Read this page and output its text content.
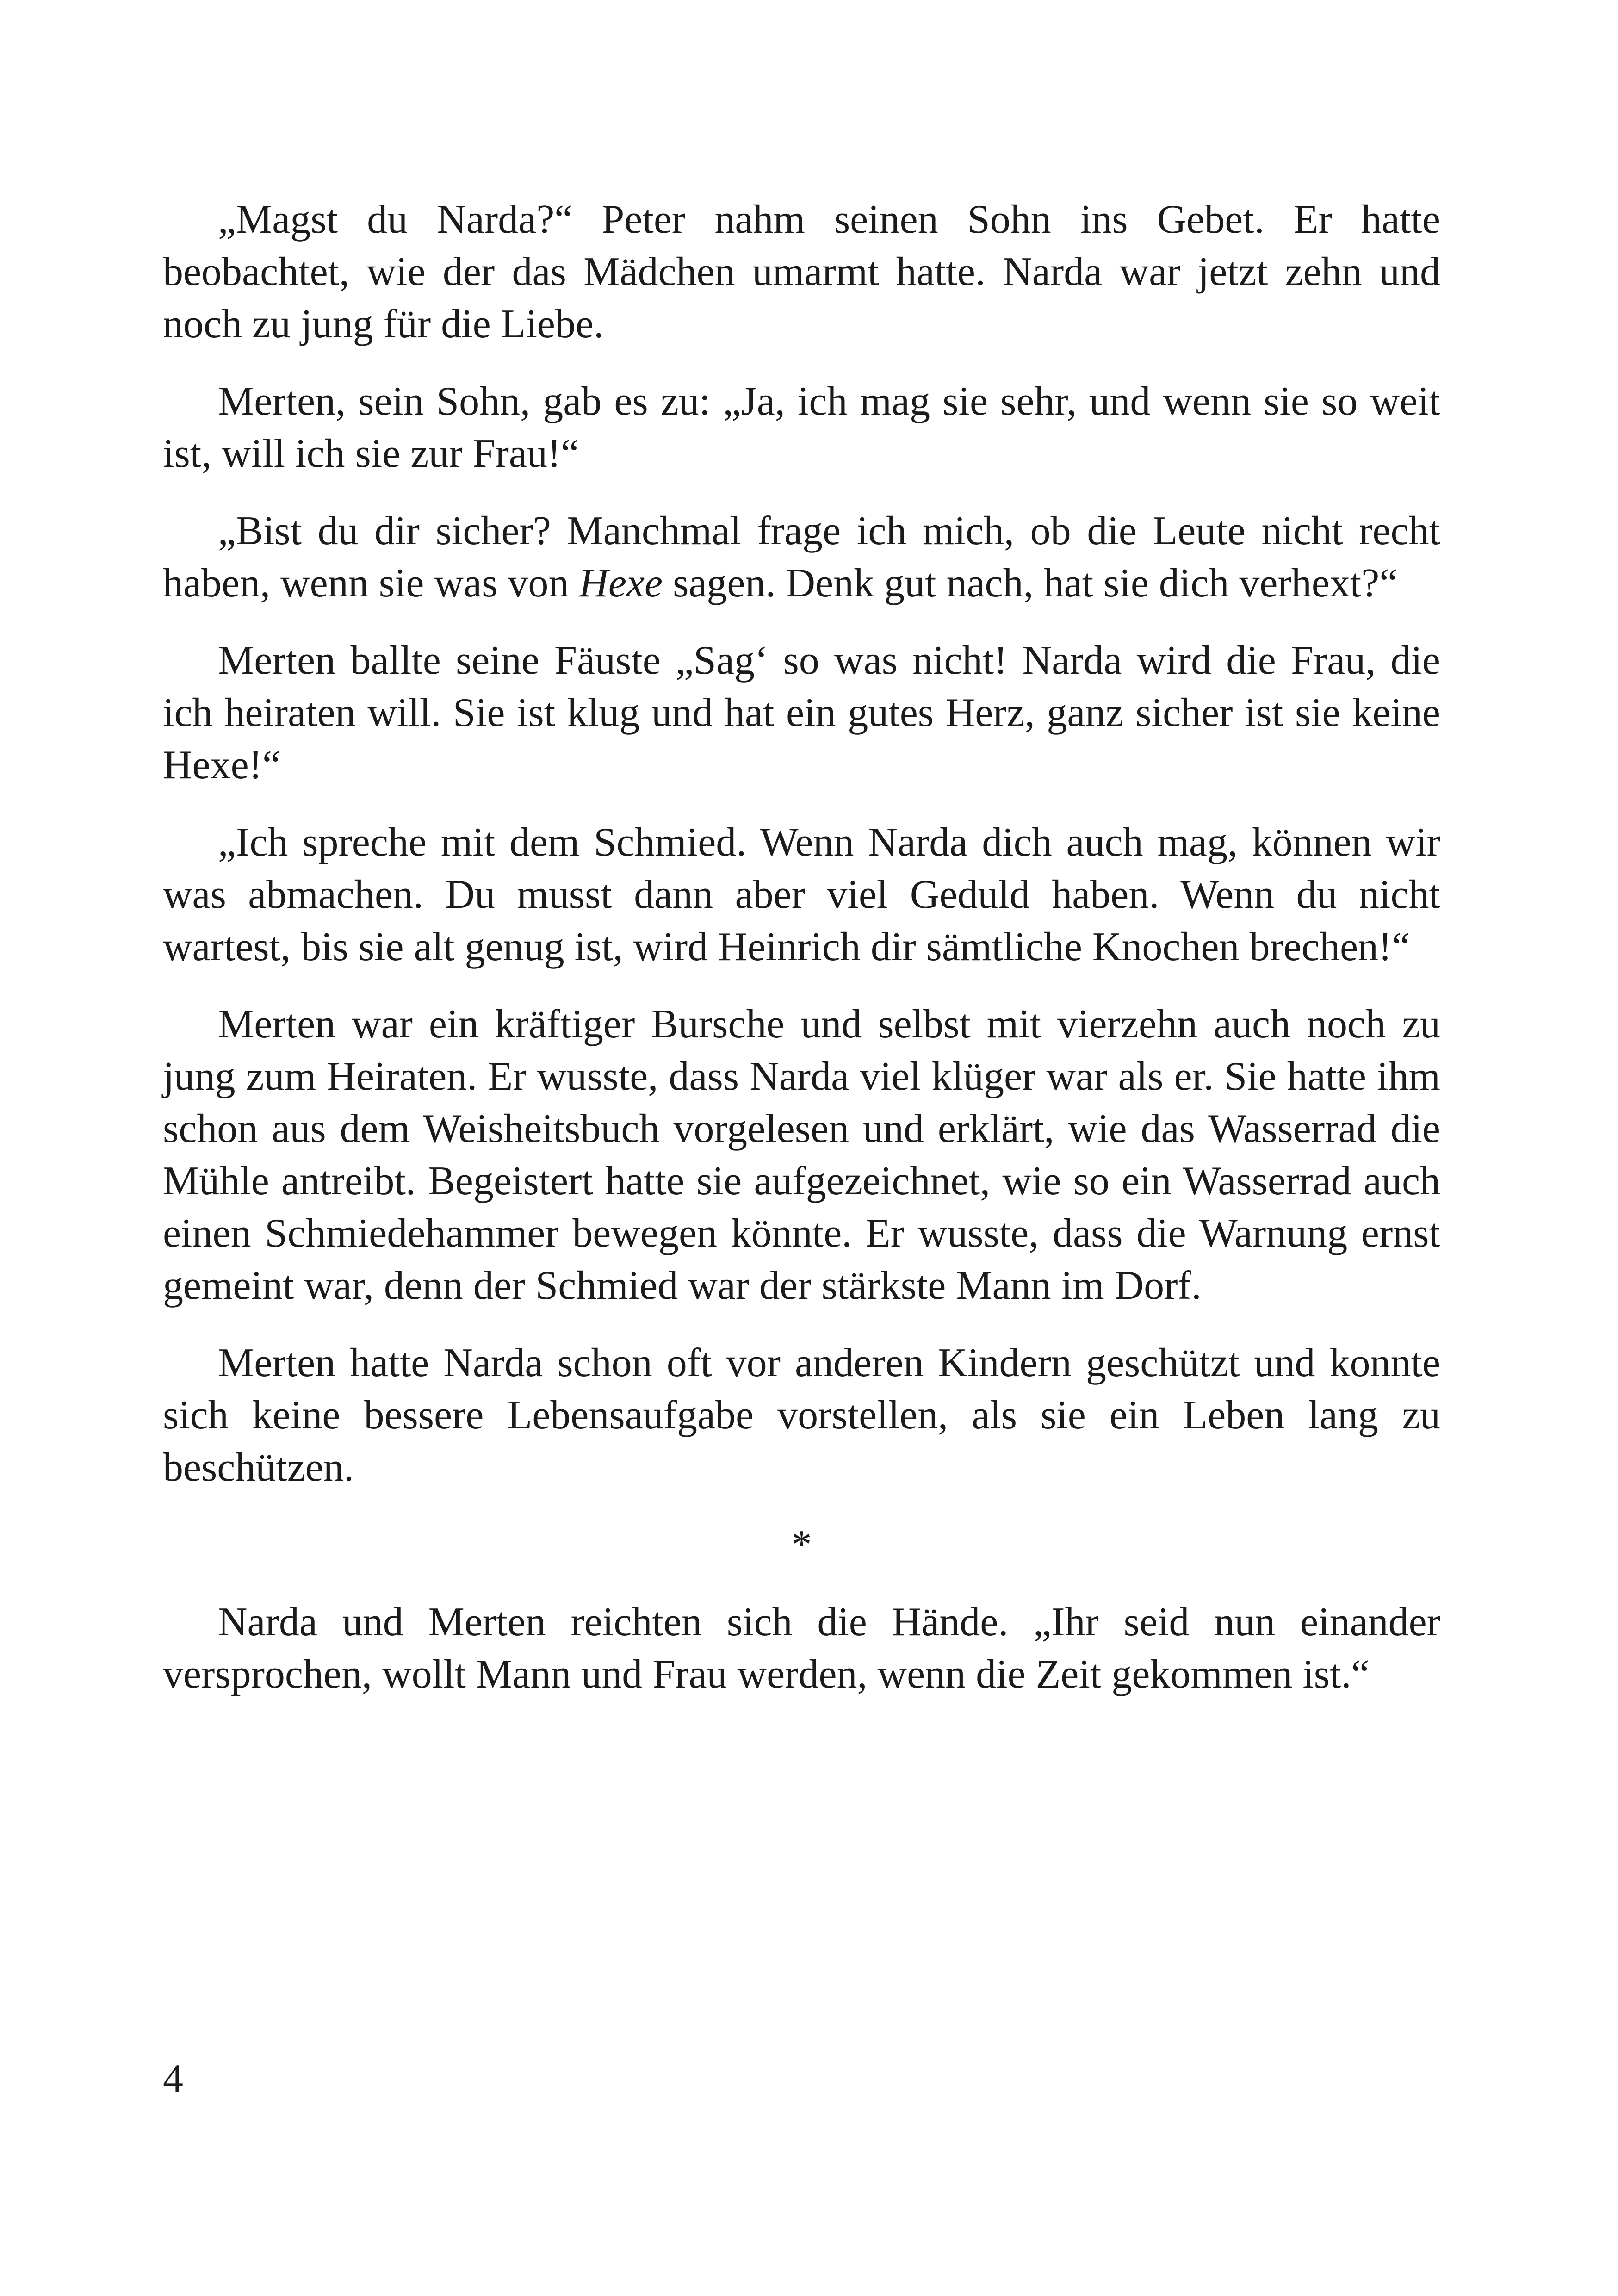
„Magst du Narda?“ Peter nahm seinen Sohn ins Gebet. Er hatte beobachtet, wie der das Mädchen umarmt hatte. Narda war jetzt zehn und noch zu jung für die Liebe.

Merten, sein Sohn, gab es zu: „Ja, ich mag sie sehr, und wenn sie so weit ist, will ich sie zur Frau!“

„Bist du dir sicher? Manchmal frage ich mich, ob die Leute nicht recht haben, wenn sie was von Hexe sagen. Denk gut nach, hat sie dich verhext?“

Merten ballte seine Fäuste „Sag‘ so was nicht! Narda wird die Frau, die ich heiraten will. Sie ist klug und hat ein gutes Herz, ganz sicher ist sie keine Hexe!“

„Ich spreche mit dem Schmied. Wenn Narda dich auch mag, können wir was abmachen. Du musst dann aber viel Geduld haben. Wenn du nicht wartest, bis sie alt genug ist, wird Heinrich dir sämtliche Knochen brechen!“

Merten war ein kräftiger Bursche und selbst mit vierzehn auch noch zu jung zum Heiraten. Er wusste, dass Narda viel klüger war als er. Sie hatte ihm schon aus dem Weisheitsbuch vorgelesen und erklärt, wie das Wasserrad die Mühle antreibt. Begeistert hatte sie aufgezeichnet, wie so ein Wasserrad auch einen Schmiedehammer bewegen könnte. Er wusste, dass die Warnung ernst gemeint war, denn der Schmied war der stärkste Mann im Dorf.

Merten hatte Narda schon oft vor anderen Kindern geschützt und konnte sich keine bessere Lebensaufgabe vorstellen, als sie ein Leben lang zu beschützen.

*

Narda und Merten reichten sich die Hände. „Ihr seid nun einander versprochen, wollt Mann und Frau werden, wenn die Zeit gekommen ist.“

4
